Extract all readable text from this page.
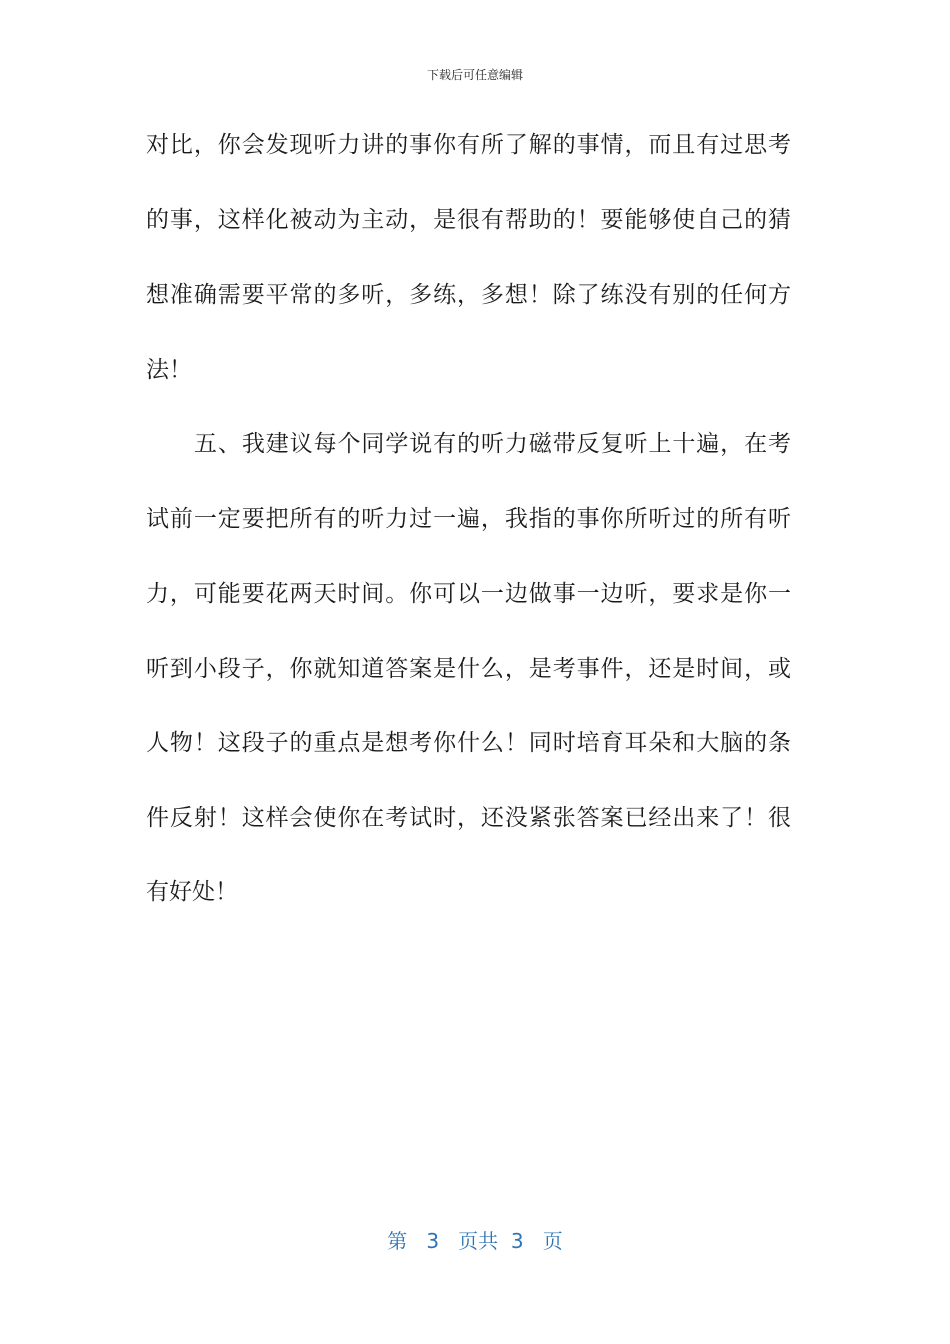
下载后可任意编辑
对比，你会发现听力讲的事你有所了解的事情，而且有过思考
的事，这样化被动为主动，是很有帮助的！要能够使自己的猜
想准确需要平常的多听，多练，多想！除了练没有别的任何方
法！
五、我建议每个同学说有的听力磁带反复听上十遍，在考
试前一定要把所有的听力过一遍，我指的事你所听过的所有听
力，可能要花两天时间。你可以一边做事一边听，要求是你一
听到小段子，你就知道答案是什么，是考事件，还是时间，或
人物！这段子的重点是想考你什么！同时培育耳朵和大脑的条
件反射！这样会使你在考试时，还没紧张答案已经出来了！很
有好处！
第 3 页共 3 页
